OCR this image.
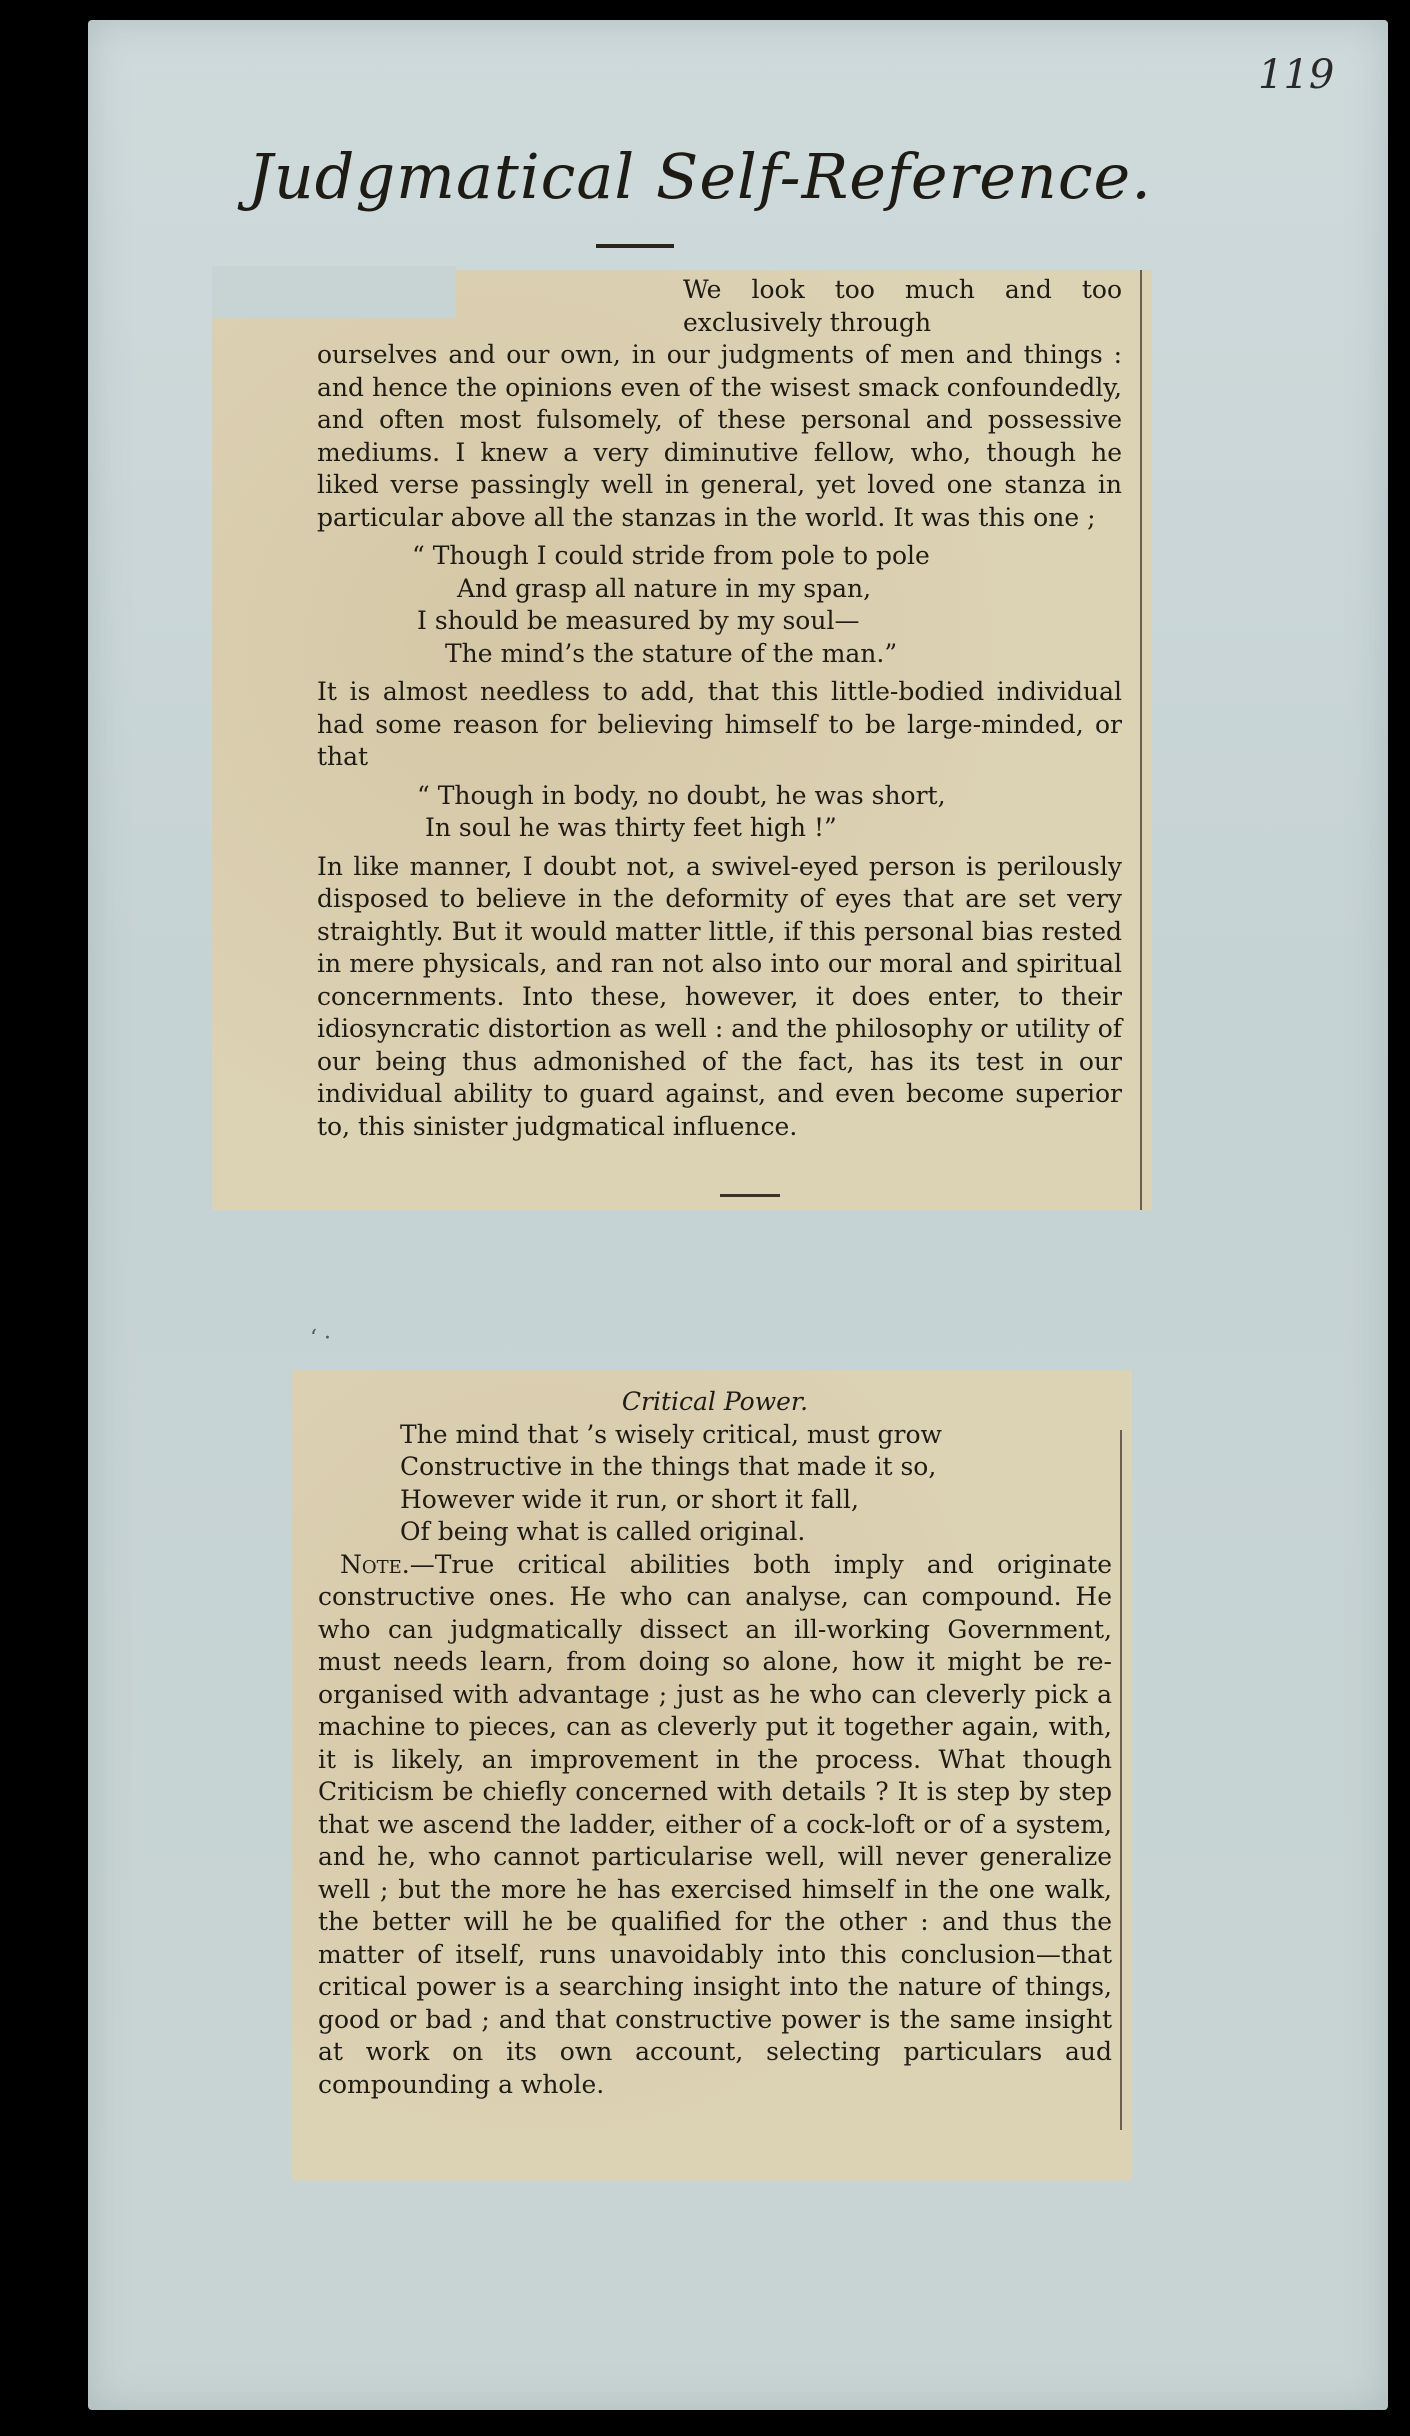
119
Judgmatical Self-Reference.

We look too much and too exclusively through
ourselves and our own, in our judgments of men and things : and hence the opinions even of the wisest smack confoundedly, and often most fulsomely, of these personal and possessive mediums. I knew a very diminutive fellow, who, though he liked verse passingly well in general, yet loved one stanza in particular above all the stanzas in the world. It was this one ;

“ Though I could stride from pole to pole
And grasp all nature in my span,
I should be measured by my soul—
The mind’s the stature of the man.”

It is almost needless to add, that this little-bodied individual had some reason for believing himself to be large-minded, or that

“ Though in body, no doubt, he was short,
In soul he was thirty feet high !”

In like manner, I doubt not, a swivel-eyed person is perilously disposed to believe in the deformity of eyes that are set very straightly. But it would matter little, if this personal bias rested in mere physicals, and ran not also into our moral and spiritual concernments. Into these, however, it does enter, to their idiosyncratic distortion as well : and the philosophy or utility of our being thus admonished of the fact, has its test in our individual ability to guard against, and even become superior to, this sinister judgmatical influence.

‘ ·
Critical Power.
The mind that ’s wisely critical, must grow
Constructive in the things that made it so,
However wide it run, or short it fall,
Of being what is called original.

Note.—True critical abilities both imply and originate constructive ones. He who can analyse, can compound. He who can judgmatically dissect an ill-working Government, must needs learn, from doing so alone, how it might be re-organised with advantage ; just as he who can cleverly pick a machine to pieces, can as cleverly put it together again, with, it is likely, an improvement in the process. What though Criticism be chiefly concerned with details ? It is step by step that we ascend the ladder, either of a cock-loft or of a system, and he, who cannot particularise well, will never generalize well ; but the more he has exercised himself in the one walk, the better will he be qualified for the other : and thus the matter of itself, runs unavoidably into this conclusion—that critical power is a searching insight into the nature of things, good or bad ; and that constructive power is the same insight at work on its own account, selecting particulars aud compounding a whole.
